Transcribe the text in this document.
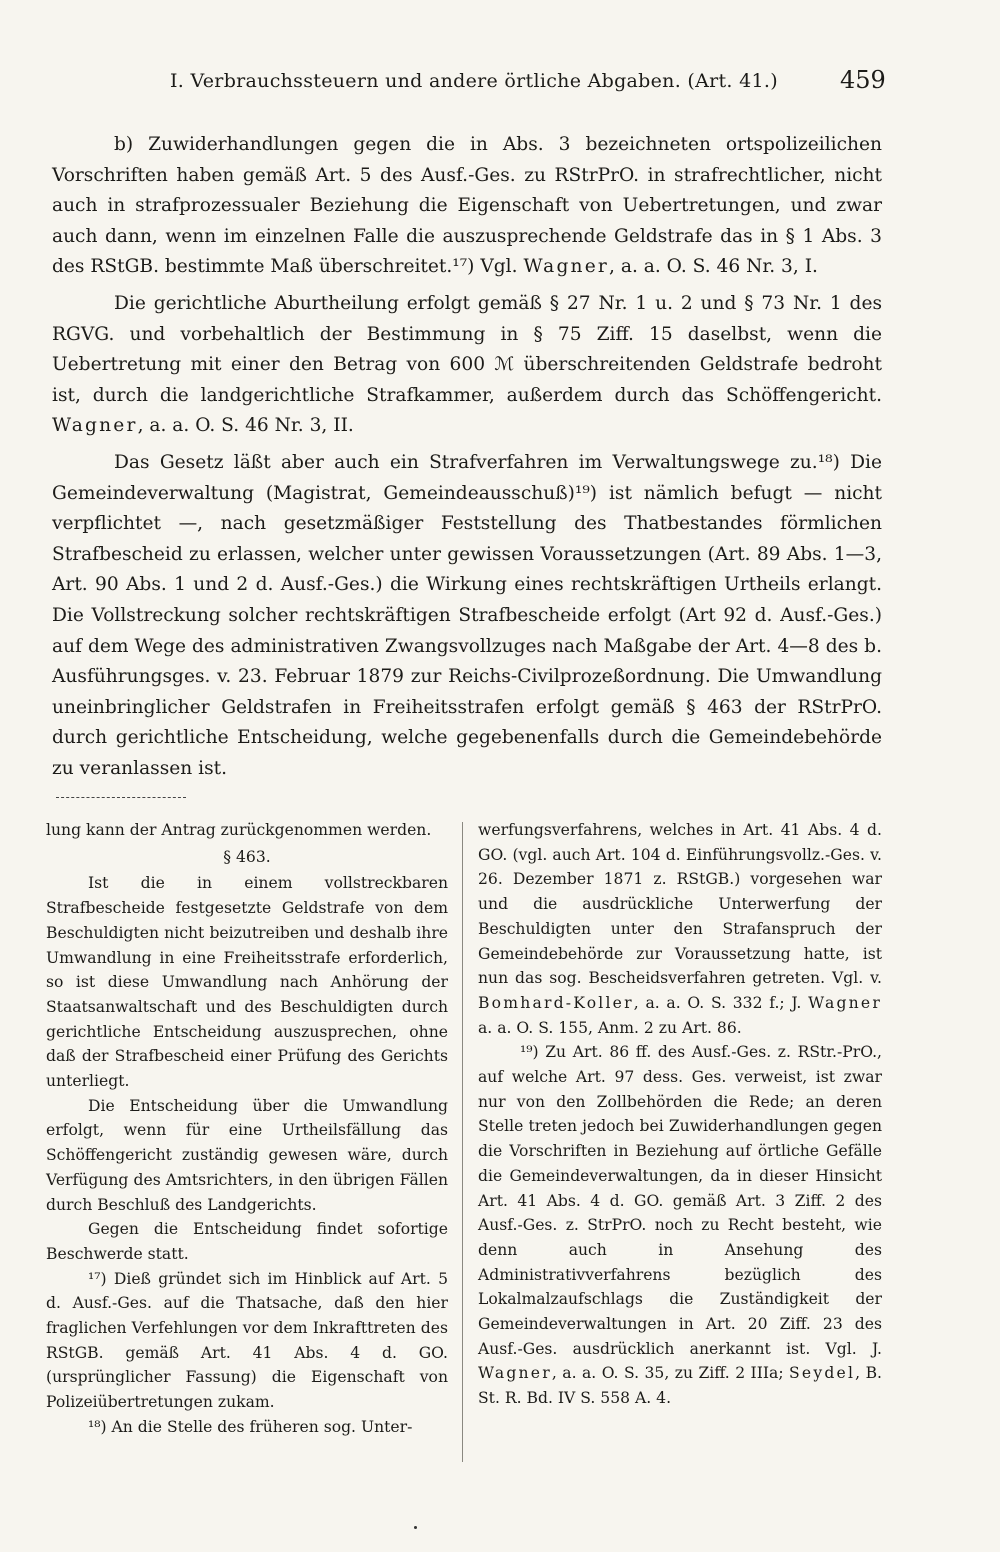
I. Verbrauchssteuern und andere örtliche Abgaben. (Art. 41.)	459

b) Zuwiderhandlungen gegen die in Abs. 3 bezeichneten ortspolizeilichen Vorschriften haben gemäß Art. 5 des Ausf.-Ges. zu RStrPrO. in strafrechtlicher, nicht auch in strafprozessualer Beziehung die Eigenschaft von Uebertretungen, und zwar auch dann, wenn im einzelnen Falle die auszusprechende Geldstrafe das in § 1 Abs. 3 des RStGB. bestimmte Maß überschreitet.¹⁷) Vgl. Wagner, a. a. O. S. 46 Nr. 3, I.

Die gerichtliche Aburtheilung erfolgt gemäß § 27 Nr. 1 u. 2 und § 73 Nr. 1 des RGVG. und vorbehaltlich der Bestimmung in § 75 Ziff. 15 daselbst, wenn die Uebertretung mit einer den Betrag von 600 ℳ überschreitenden Geldstrafe bedroht ist, durch die landgerichtliche Strafkammer, außerdem durch das Schöffengericht. Wagner, a. a. O. S. 46 Nr. 3, II.

Das Gesetz läßt aber auch ein Strafverfahren im Verwaltungswege zu.¹⁸) Die Gemeindeverwaltung (Magistrat, Gemeindeausschuß)¹⁹) ist nämlich befugt — nicht verpflichtet —, nach gesetzmäßiger Feststellung des Thatbestandes förmlichen Strafbescheid zu erlassen, welcher unter gewissen Voraussetzungen (Art. 89 Abs. 1—3, Art. 90 Abs. 1 und 2 d. Ausf.-Ges.) die Wirkung eines rechtskräftigen Urtheils erlangt. Die Vollstreckung solcher rechtskräftigen Strafbescheide erfolgt (Art 92 d. Ausf.-Ges.) auf dem Wege des administrativen Zwangsvollzuges nach Maßgabe der Art. 4—8 des b. Ausführungsges. v. 23. Februar 1879 zur Reichs-Civilprozeßordnung. Die Umwandlung uneinbringlicher Geldstrafen in Freiheitsstrafen erfolgt gemäß § 463 der RStrPrO. durch gerichtliche Entscheidung, welche gegebenenfalls durch die Gemeindebehörde zu veranlassen ist.

lung kann der Antrag zurückgenommen werden.

§ 463.

Ist die in einem vollstreckbaren Strafbescheide festgesetzte Geldstrafe von dem Beschuldigten nicht beizutreiben und deshalb ihre Umwandlung in eine Freiheitsstrafe erforderlich, so ist diese Umwandlung nach Anhörung der Staatsanwaltschaft und des Beschuldigten durch gerichtliche Entscheidung auszusprechen, ohne daß der Strafbescheid einer Prüfung des Gerichts unterliegt.

Die Entscheidung über die Umwandlung erfolgt, wenn für eine Urtheilsfällung das Schöffengericht zuständig gewesen wäre, durch Verfügung des Amtsrichters, in den übrigen Fällen durch Beschluß des Landgerichts.

Gegen die Entscheidung findet sofortige Beschwerde statt.

¹⁷) Dieß gründet sich im Hinblick auf Art. 5 d. Ausf.-Ges. auf die Thatsache, daß den hier fraglichen Verfehlungen vor dem Inkrafttreten des RStGB. gemäß Art. 41 Abs. 4 d. GO. (ursprünglicher Fassung) die Eigenschaft von Polizeiübertretungen zukam.

¹⁸) An die Stelle des früheren sog. Unter-

werfungsverfahrens, welches in Art. 41 Abs. 4 d. GO. (vgl. auch Art. 104 d. Einführungsvollz.-Ges. v. 26. Dezember 1871 z. RStGB.) vorgesehen war und die ausdrückliche Unterwerfung der Beschuldigten unter den Strafanspruch der Gemeindebehörde zur Voraussetzung hatte, ist nun das sog. Bescheidsverfahren getreten. Vgl. v. Bomhard-Koller, a. a. O. S. 332 f.; J. Wagner a. a. O. S. 155, Anm. 2 zu Art. 86.

¹⁹) Zu Art. 86 ff. des Ausf.-Ges. z. RStr.-PrO., auf welche Art. 97 dess. Ges. verweist, ist zwar nur von den Zollbehörden die Rede; an deren Stelle treten jedoch bei Zuwiderhandlungen gegen die Vorschriften in Beziehung auf örtliche Gefälle die Gemeindeverwaltungen, da in dieser Hinsicht Art. 41 Abs. 4 d. GO. gemäß Art. 3 Ziff. 2 des Ausf.-Ges. z. StrPrO. noch zu Recht besteht, wie denn auch in Ansehung des Administrativverfahrens bezüglich des Lokalmalzaufschlags die Zuständigkeit der Gemeindeverwaltungen in Art. 20 Ziff. 23 des Ausf.-Ges. ausdrücklich anerkannt ist. Vgl. J. Wagner, a. a. O. S. 35, zu Ziff. 2 IIIa; Seydel, B. St. R. Bd. IV S. 558 A. 4.
